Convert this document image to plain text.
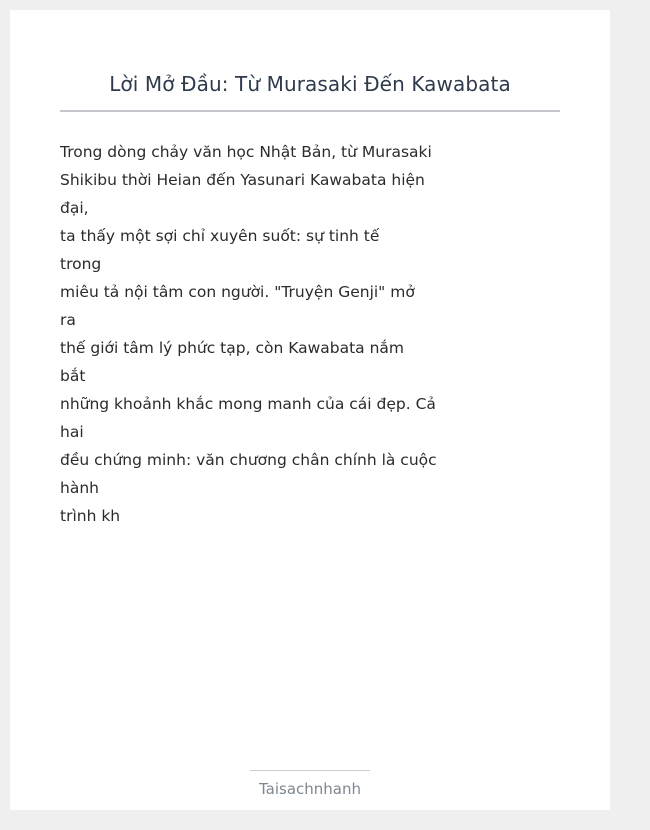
Lời Mở Đầu: Từ Murasaki Đến Kawabata
Trong dòng chảy văn học Nhật Bản, từ Murasaki
Shikibu thời Heian đến Yasunari Kawabata hiện
đại,
ta thấy một sợi chỉ xuyên suốt: sự tinh tế
trong
miêu tả nội tâm con người. "Truyện Genji" mở
ra
thế giới tâm lý phức tạp, còn Kawabata nắm
bắt
những khoảnh khắc mong manh của cái đẹp. Cả
hai
đều chứng minh: văn chương chân chính là cuộc
hành
trình kh
Taisachnhanh
